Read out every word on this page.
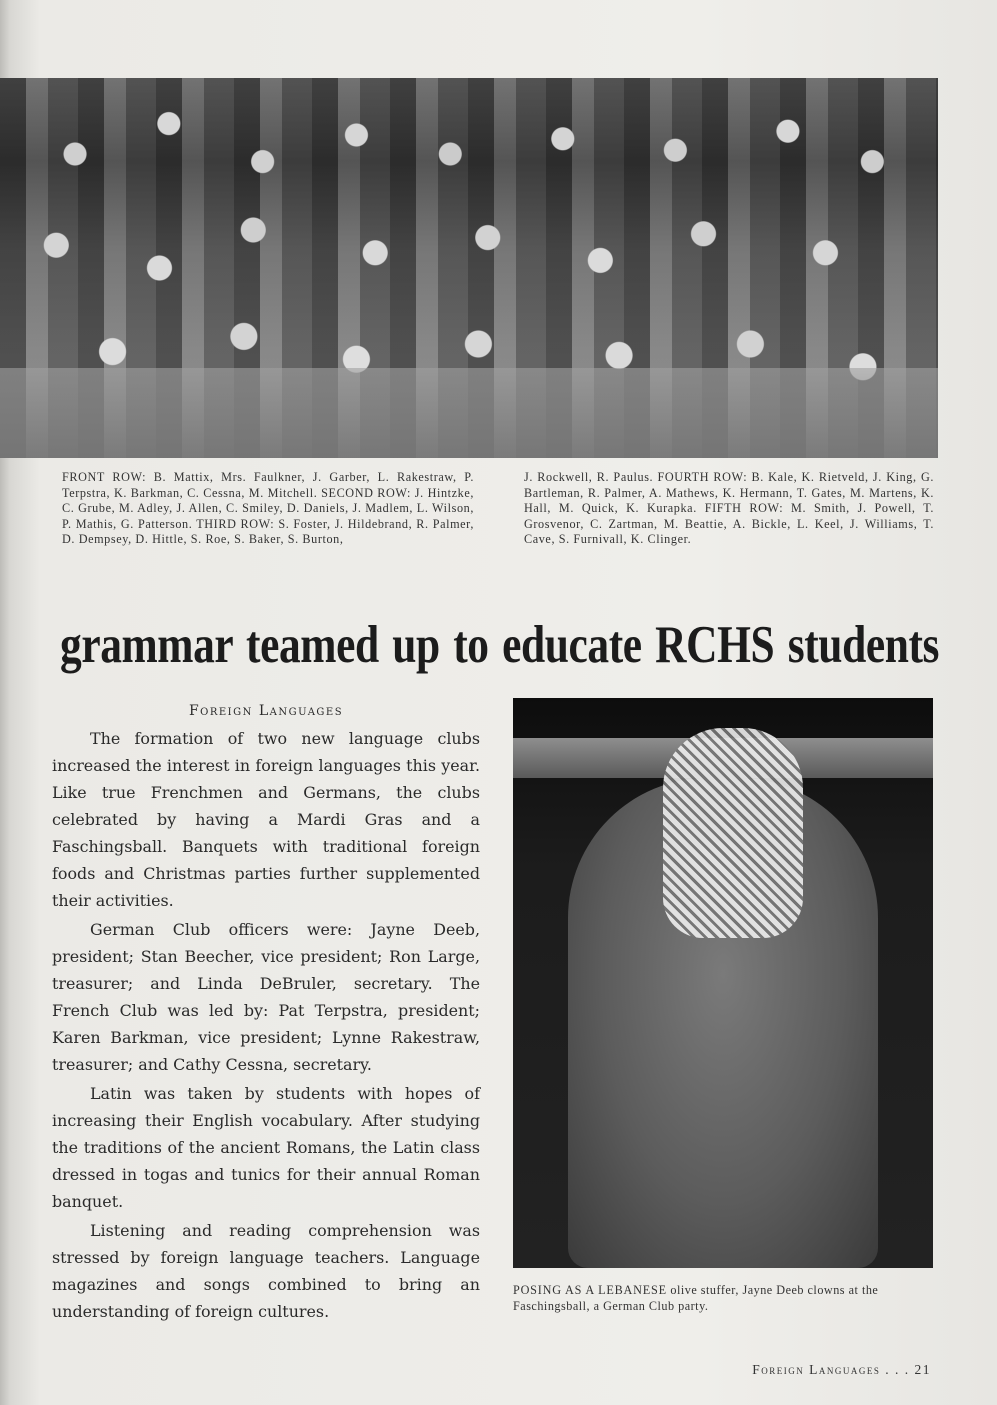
FRONT ROW: B. Mattix, Mrs. Faulkner, J. Garber, L. Rakestraw, P. Terpstra, K. Barkman, C. Cessna, M. Mitchell. SECOND ROW: J. Hintzke, C. Grube, M. Adley, J. Allen, C. Smiley, D. Daniels, J. Madlem, L. Wilson, P. Mathis, G. Patterson. THIRD ROW: S. Foster, J. Hildebrand, R. Palmer, D. Dempsey, D. Hittle, S. Roe, S. Baker, S. Burton,
J. Rockwell, R. Paulus. FOURTH ROW: B. Kale, K. Rietveld, J. King, G. Bartleman, R. Palmer, A. Mathews, K. Hermann, T. Gates, M. Martens, K. Hall, M. Quick, K. Kurapka. FIFTH ROW: M. Smith, J. Powell, T. Grosvenor, C. Zartman, M. Beattie, A. Bickle, L. Keel, J. Williams, T. Cave, S. Furnivall, K. Clinger.
grammar teamed up to educate RCHS students
Foreign Languages

The formation of two new language clubs increased the interest in foreign languages this year. Like true Frenchmen and Germans, the clubs celebrated by having a Mardi Gras and a Faschingsball. Banquets with traditional foreign foods and Christmas parties further supplemented their activities.

German Club officers were: Jayne Deeb, president; Stan Beecher, vice president; Ron Large, treasurer; and Linda DeBruler, secretary. The French Club was led by: Pat Terpstra, president; Karen Barkman, vice president; Lynne Rakestraw, treasurer; and Cathy Cessna, secretary.

Latin was taken by students with hopes of increasing their English vocabulary. After studying the traditions of the ancient Romans, the Latin class dressed in togas and tunics for their annual Roman banquet.

Listening and reading comprehension was stressed by foreign language teachers. Language magazines and songs combined to bring an understanding of foreign cultures.

POSING AS A LEBANESE olive stuffer, Jayne Deeb clowns at the Faschingsball, a German Club party.
Foreign Languages . . . 21
